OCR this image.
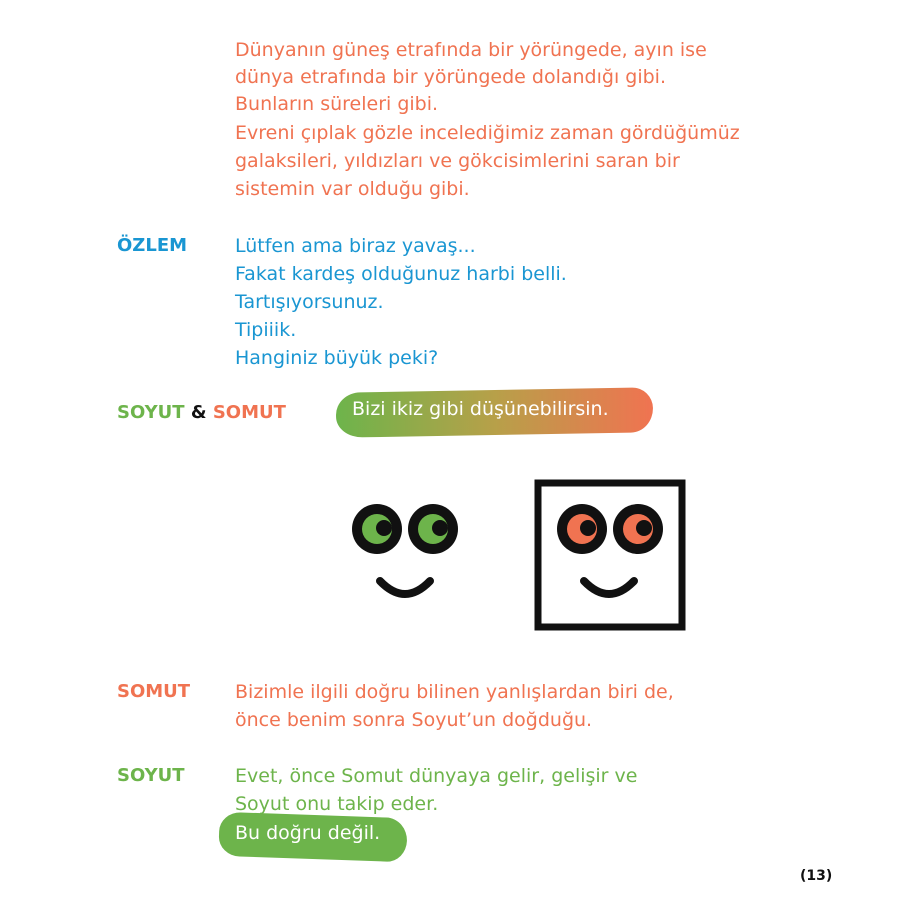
Dünyanın güneş etrafında bir yörüngede, ayın ise
dünya etrafında bir yörüngede dolandığı gibi.
Bunların süreleri gibi.
Evreni çıplak gözle incelediğimiz zaman gördüğümüz
galaksileri, yıldızları ve gökcisimlerini saran bir
sistemin var olduğu gibi.
ÖZLEM	Lütfen ama biraz yavaş...
Fakat kardeş olduğunuz harbi belli.
Tartışıyorsunuz.
Tipiiik.
Hanginiz büyük peki?
SOYUT & SOMUT	Bizi ikiz gibi düşünebilirsin.
SOMUT Bizimle ilgili doğru bilinen yanlışlardan biri de,
önce benim sonra Soyut’un doğduğu.
SOYUT	Evet, önce Somut dünyaya gelir, gelişir ve
Soyut onu takip eder.
Bu doğru değil.
(13)
